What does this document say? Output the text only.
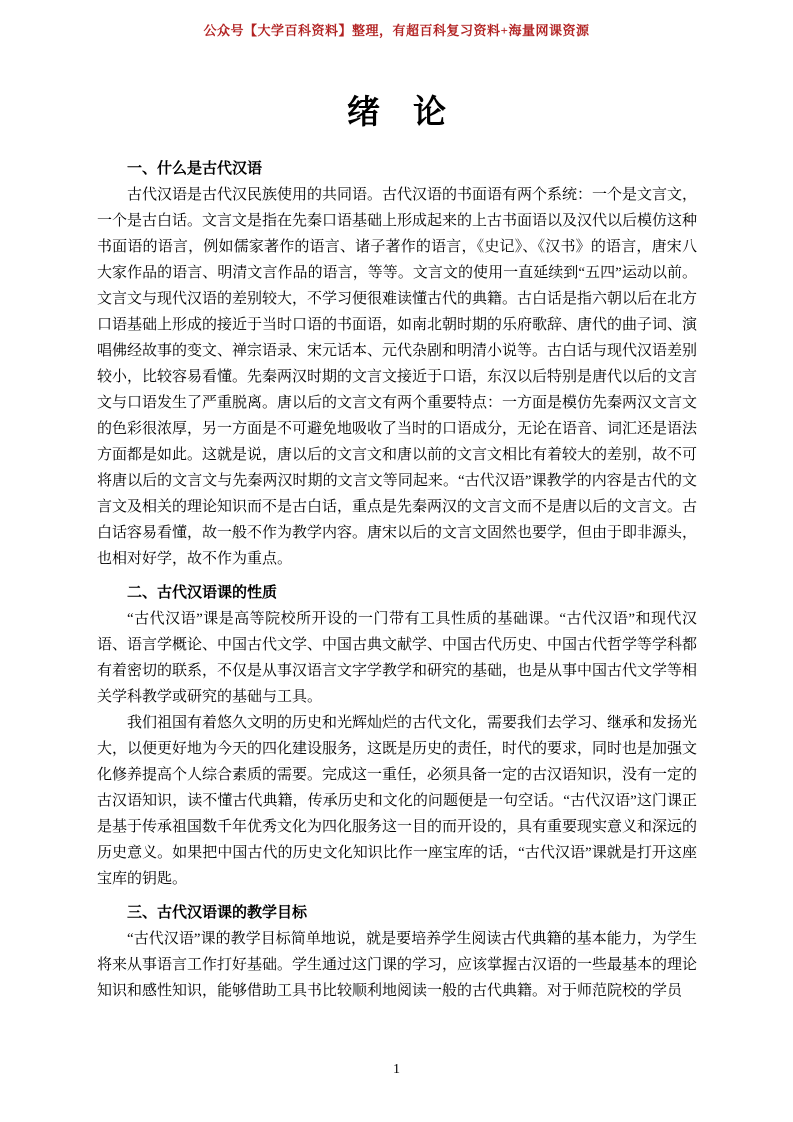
公众号【大学百科资料】整理，有超百科复习资料+海量网课资源
绪　论
一、什么是古代汉语

古代汉语是古代汉民族使用的共同语。古代汉语的书面语有两个系统：一个是文言文，一个是古白话。文言文是指在先秦口语基础上形成起来的上古书面语以及汉代以后模仿这种书面语的语言，例如儒家著作的语言、诸子著作的语言，《史记》、《汉书》的语言，唐宋八大家作品的语言、明清文言作品的语言，等等。文言文的使用一直延续到“五四”运动以前。文言文与现代汉语的差别较大，不学习便很难读懂古代的典籍。古白话是指六朝以后在北方口语基础上形成的接近于当时口语的书面语，如南北朝时期的乐府歌辞、唐代的曲子词、演唱佛经故事的变文、禅宗语录、宋元话本、元代杂剧和明清小说等。古白话与现代汉语差别较小，比较容易看懂。先秦两汉时期的文言文接近于口语，东汉以后特别是唐代以后的文言文与口语发生了严重脱离。唐以后的文言文有两个重要特点：一方面是模仿先秦两汉文言文的色彩很浓厚，另一方面是不可避免地吸收了当时的口语成分，无论在语音、词汇还是语法方面都是如此。这就是说，唐以后的文言文和唐以前的文言文相比有着较大的差别，故不可将唐以后的文言文与先秦两汉时期的文言文等同起来。“古代汉语”课教学的内容是古代的文言文及相关的理论知识而不是古白话，重点是先秦两汉的文言文而不是唐以后的文言文。古白话容易看懂，故一般不作为教学内容。唐宋以后的文言文固然也要学，但由于即非源头，也相对好学，故不作为重点。

二、古代汉语课的性质

“古代汉语”课是高等院校所开设的一门带有工具性质的基础课。“古代汉语”和现代汉语、语言学概论、中国古代文学、中国古典文献学、中国古代历史、中国古代哲学等学科都有着密切的联系，不仅是从事汉语言文字学教学和研究的基础，也是从事中国古代文学等相关学科教学或研究的基础与工具。

我们祖国有着悠久文明的历史和光辉灿烂的古代文化，需要我们去学习、继承和发扬光大，以便更好地为今天的四化建设服务，这既是历史的责任，时代的要求，同时也是加强文化修养提高个人综合素质的需要。完成这一重任，必须具备一定的古汉语知识，没有一定的古汉语知识，读不懂古代典籍，传承历史和文化的问题便是一句空话。“古代汉语”这门课正是基于传承祖国数千年优秀文化为四化服务这一目的而开设的，具有重要现实意义和深远的历史意义。如果把中国古代的历史文化知识比作一座宝库的话，“古代汉语”课就是打开这座宝库的钥匙。

三、古代汉语课的教学目标

“古代汉语”课的教学目标简单地说，就是要培养学生阅读古代典籍的基本能力，为学生将来从事语言工作打好基础。学生通过这门课的学习，应该掌握古汉语的一些最基本的理论知识和感性知识，能够借助工具书比较顺利地阅读一般的古代典籍。对于师范院校的学员

1
